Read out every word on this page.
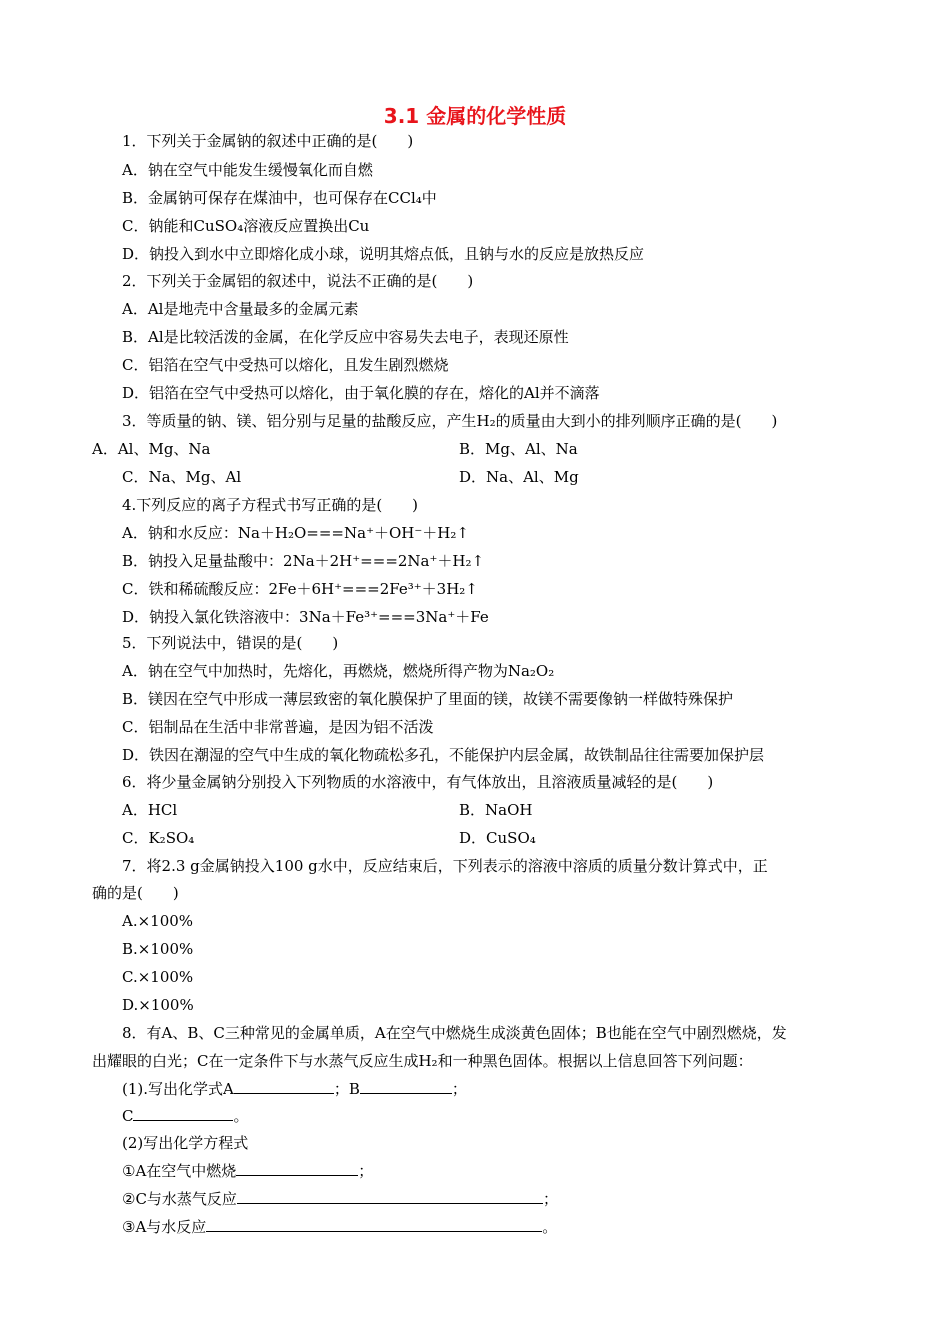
3.1 金属的化学性质
1．下列关于金属钠的叙述中正确的是(　　)
A．钠在空气中能发生缓慢氧化而自燃
B．金属钠可保存在煤油中，也可保存在CCl₄中
C．钠能和CuSO₄溶液反应置换出Cu
D．钠投入到水中立即熔化成小球，说明其熔点低，且钠与水的反应是放热反应
2．下列关于金属铝的叙述中，说法不正确的是(　　)
A．Al是地壳中含量最多的金属元素
B．Al是比较活泼的金属，在化学反应中容易失去电子，表现还原性
C．铝箔在空气中受热可以熔化，且发生剧烈燃烧
D．铝箔在空气中受热可以熔化，由于氧化膜的存在，熔化的Al并不滴落
3．等质量的钠、镁、铝分别与足量的盐酸反应，产生H₂的质量由大到小的排列顺序正确的是(　　)
A．Al、Mg、Na	B．Mg、Al、Na
C．Na、Mg、Al	D．Na、Al、Mg
4.下列反应的离子方程式书写正确的是(　　)
A．钠和水反应：Na＋H₂O===Na⁺＋OH⁻＋H₂↑
B．钠投入足量盐酸中：2Na＋2H⁺===2Na⁺＋H₂↑
C．铁和稀硫酸反应：2Fe＋6H⁺===2Fe³⁺＋3H₂↑
D．钠投入氯化铁溶液中：3Na＋Fe³⁺===3Na⁺＋Fe
5．下列说法中，错误的是(　　)
A．钠在空气中加热时，先熔化，再燃烧，燃烧所得产物为Na₂O₂
B．镁因在空气中形成一薄层致密的氧化膜保护了里面的镁，故镁不需要像钠一样做特殊保护
C．铝制品在生活中非常普遍，是因为铝不活泼
D．铁因在潮湿的空气中生成的氧化物疏松多孔，不能保护内层金属，故铁制品往往需要加保护层
6．将少量金属钠分别投入下列物质的水溶液中，有气体放出，且溶液质量减轻的是(　　)
A．HCl	B．NaOH
C．K₂SO₄	D．CuSO₄
7．将2.3 g金属钠投入100 g水中，反应结束后，下列表示的溶液中溶质的质量分数计算式中，正
确的是(　　)
A.×100%
B.×100%
C.×100%
D.×100%
8．有A、B、C三种常见的金属单质，A在空气中燃烧生成淡黄色固体；B也能在空气中剧烈燃烧，发
出耀眼的白光；C在一定条件下与水蒸气反应生成H₂和一种黑色固体。根据以上信息回答下列问题：
(1).写出化学式A	；B	；
C	。
(2)写出化学方程式
①A在空气中燃烧	；
②C与水蒸气反应	；
③A与水反应	。
